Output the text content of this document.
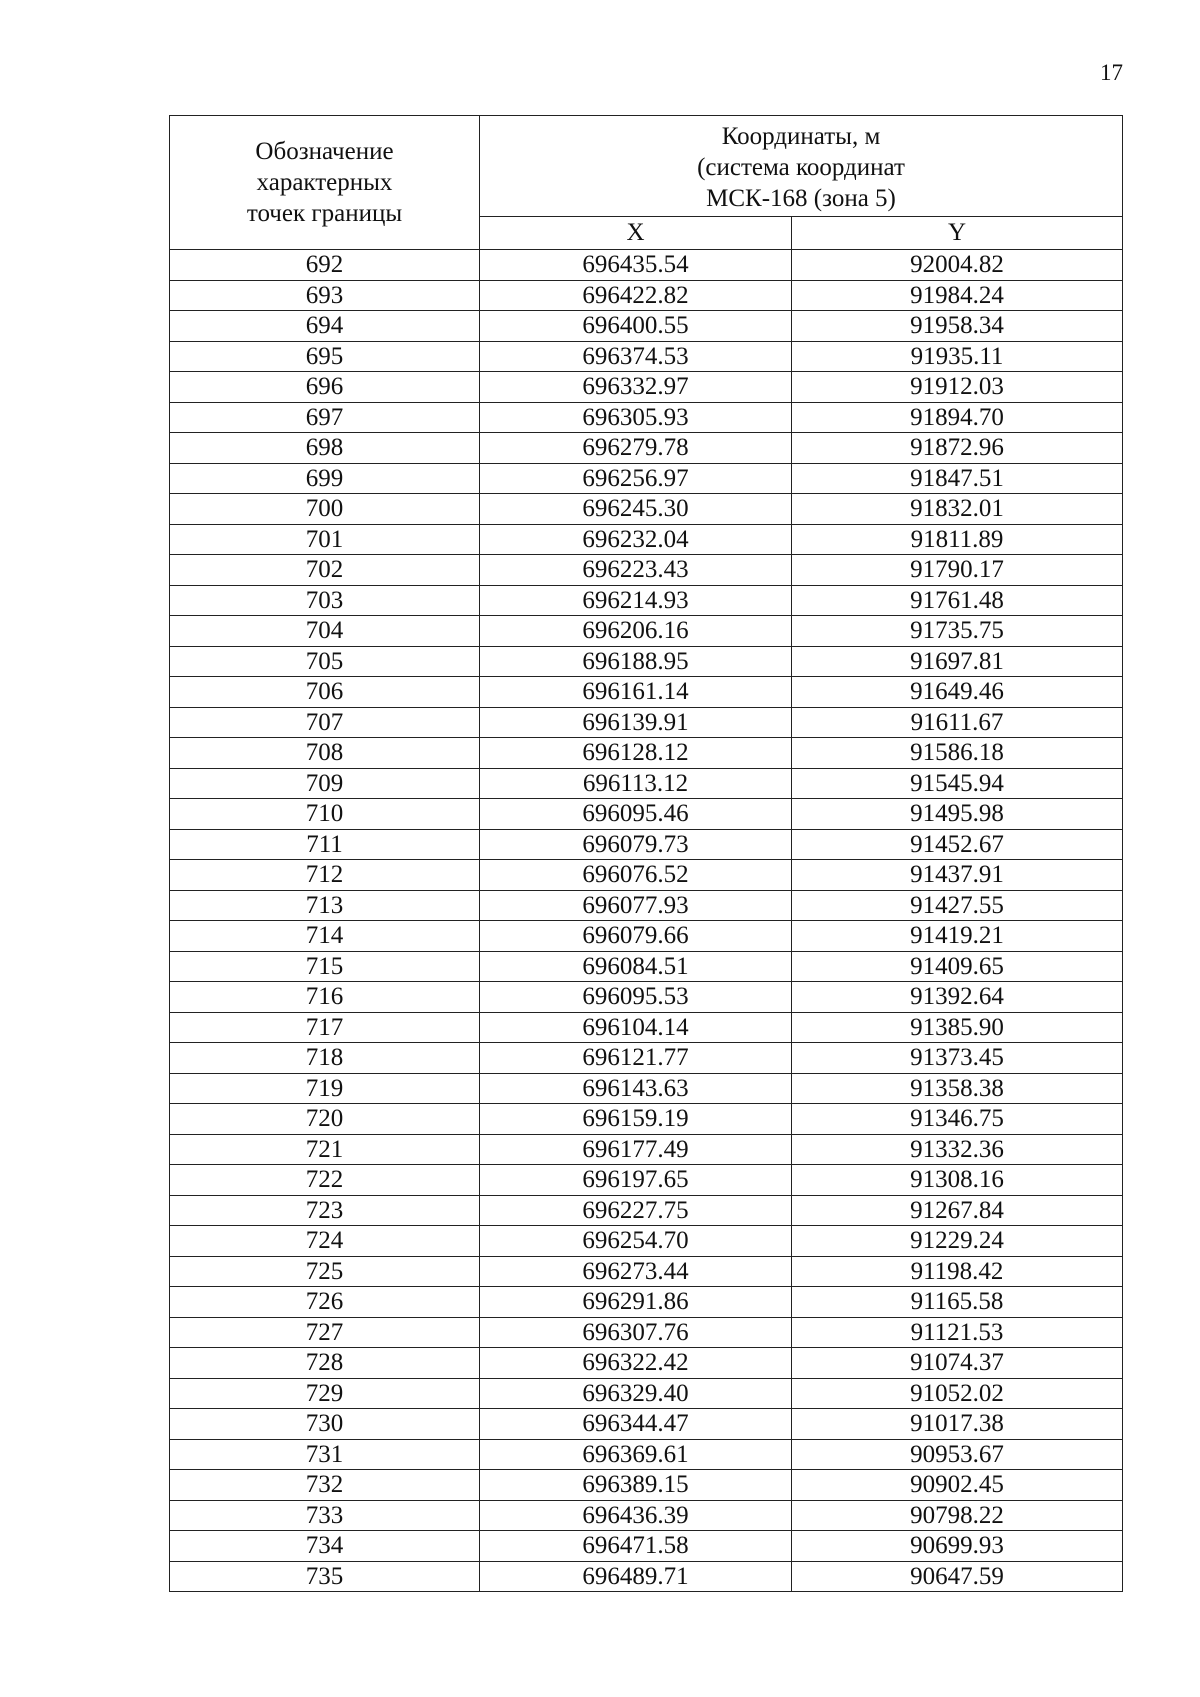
17
Обозначение
характерных
точек границы	Координаты, м
(система координат
МСК-168 (зона 5)	

	X	Y
692	696435.54	92004.82
693	696422.82	91984.24
694	696400.55	91958.34
695	696374.53	91935.11
696	696332.97	91912.03
697	696305.93	91894.70
698	696279.78	91872.96
699	696256.97	91847.51
700	696245.30	91832.01
701	696232.04	91811.89
702	696223.43	91790.17
703	696214.93	91761.48
704	696206.16	91735.75
705	696188.95	91697.81
706	696161.14	91649.46
707	696139.91	91611.67
708	696128.12	91586.18
709	696113.12	91545.94
710	696095.46	91495.98
711	696079.73	91452.67
712	696076.52	91437.91
713	696077.93	91427.55
714	696079.66	91419.21
715	696084.51	91409.65
716	696095.53	91392.64
717	696104.14	91385.90
718	696121.77	91373.45
719	696143.63	91358.38
720	696159.19	91346.75
721	696177.49	91332.36
722	696197.65	91308.16
723	696227.75	91267.84
724	696254.70	91229.24
725	696273.44	91198.42
726	696291.86	91165.58
727	696307.76	91121.53
728	696322.42	91074.37
729	696329.40	91052.02
730	696344.47	91017.38
731	696369.61	90953.67
732	696389.15	90902.45
733	696436.39	90798.22
734	696471.58	90699.93
735	696489.71	90647.59
